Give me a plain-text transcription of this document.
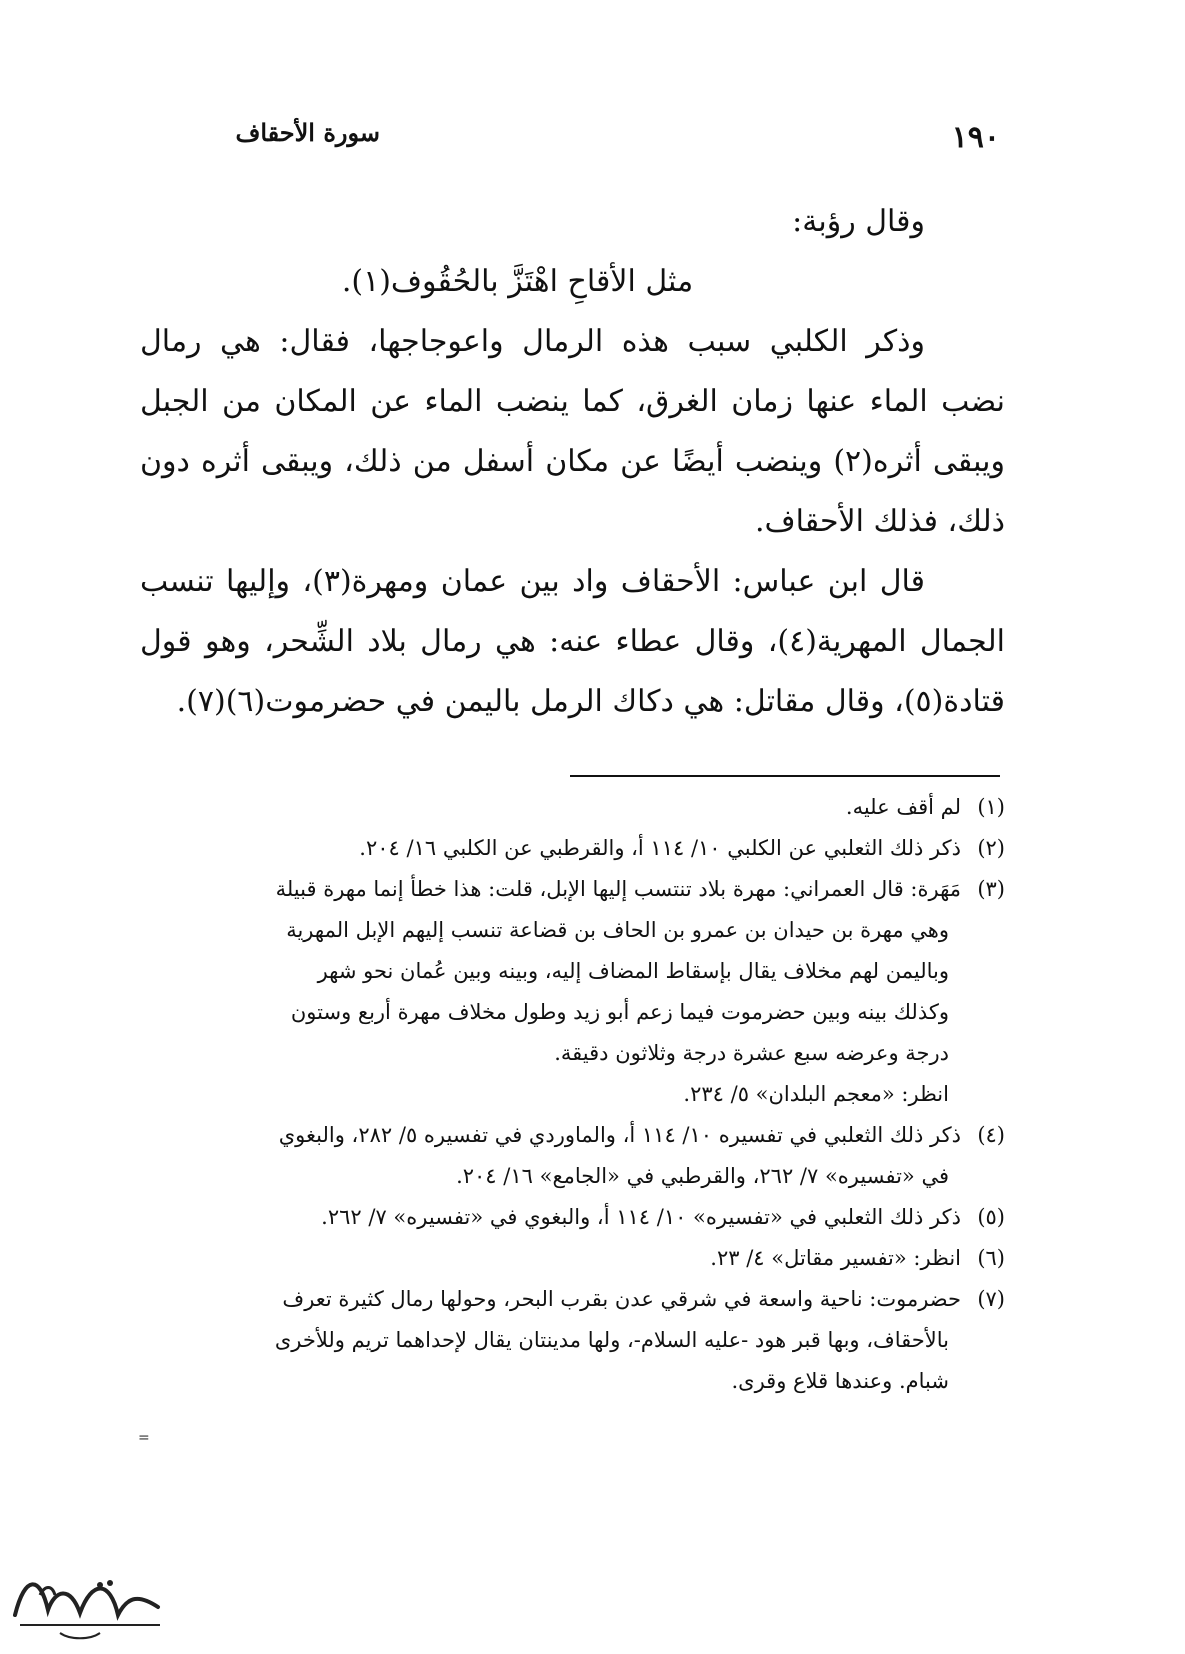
سورة الأحقاف	١٩٠

وقال رؤبة:

مثل الأقاحِ اهْتَزَّ بالحُقُوف(١).

وذكر الكلبي سبب هذه الرمال واعوجاجها، فقال: هي رمال نضب الماء عنها زمان الغرق، كما ينضب الماء عن المكان من الجبل ويبقى أثره(٢) وينضب أيضًا عن مكان أسفل من ذلك، ويبقى أثره دون ذلك، فذلك الأحقاف.

قال ابن عباس: الأحقاف واد بين عمان ومهرة(٣)، وإليها تنسب الجمال المهرية(٤)، وقال عطاء عنه: هي رمال بلاد الشِّحر، وهو قول قتادة(٥)، وقال مقاتل: هي دكاك الرمل باليمن في حضرموت(٦)(٧).

(١)لم أقف عليه.

(٢)ذكر ذلك الثعلبي عن الكلبي ١٠/ ١١٤ أ، والقرطبي عن الكلبي ١٦/ ٢٠٤.

(٣)مَهَرة: قال العمراني: مهرة بلاد تنتسب إليها الإبل، قلت: هذا خطأ إنما مهرة قبيلة

وهي مهرة بن حيدان بن عمرو بن الحاف بن قضاعة تنسب إليهم الإبل المهرية

وباليمن لهم مخلاف يقال بإسقاط المضاف إليه، وبينه وبين عُمان نحو شهر

وكذلك بينه وبين حضرموت فيما زعم أبو زيد وطول مخلاف مهرة أربع وستون

درجة وعرضه سبع عشرة درجة وثلاثون دقيقة.

انظر: «معجم البلدان» ٥/ ٢٣٤.

(٤)ذكر ذلك الثعلبي في تفسيره ١٠/ ١١٤ أ، والماوردي في تفسيره ٥/ ٢٨٢، والبغوي

في «تفسيره» ٧/ ٢٦٢، والقرطبي في «الجامع» ١٦/ ٢٠٤.

(٥)ذكر ذلك الثعلبي في «تفسيره» ١٠/ ١١٤ أ، والبغوي في «تفسيره» ٧/ ٢٦٢.

(٦)انظر: «تفسير مقاتل» ٤/ ٢٣.

(٧)حضرموت: ناحية واسعة في شرقي عدن بقرب البحر، وحولها رمال كثيرة تعرف

بالأحقاف، وبها قبر هود -عليه السلام-، ولها مدينتان يقال لإحداهما تريم وللأخرى

شبام. وعندها قلاع وقرى.

=
